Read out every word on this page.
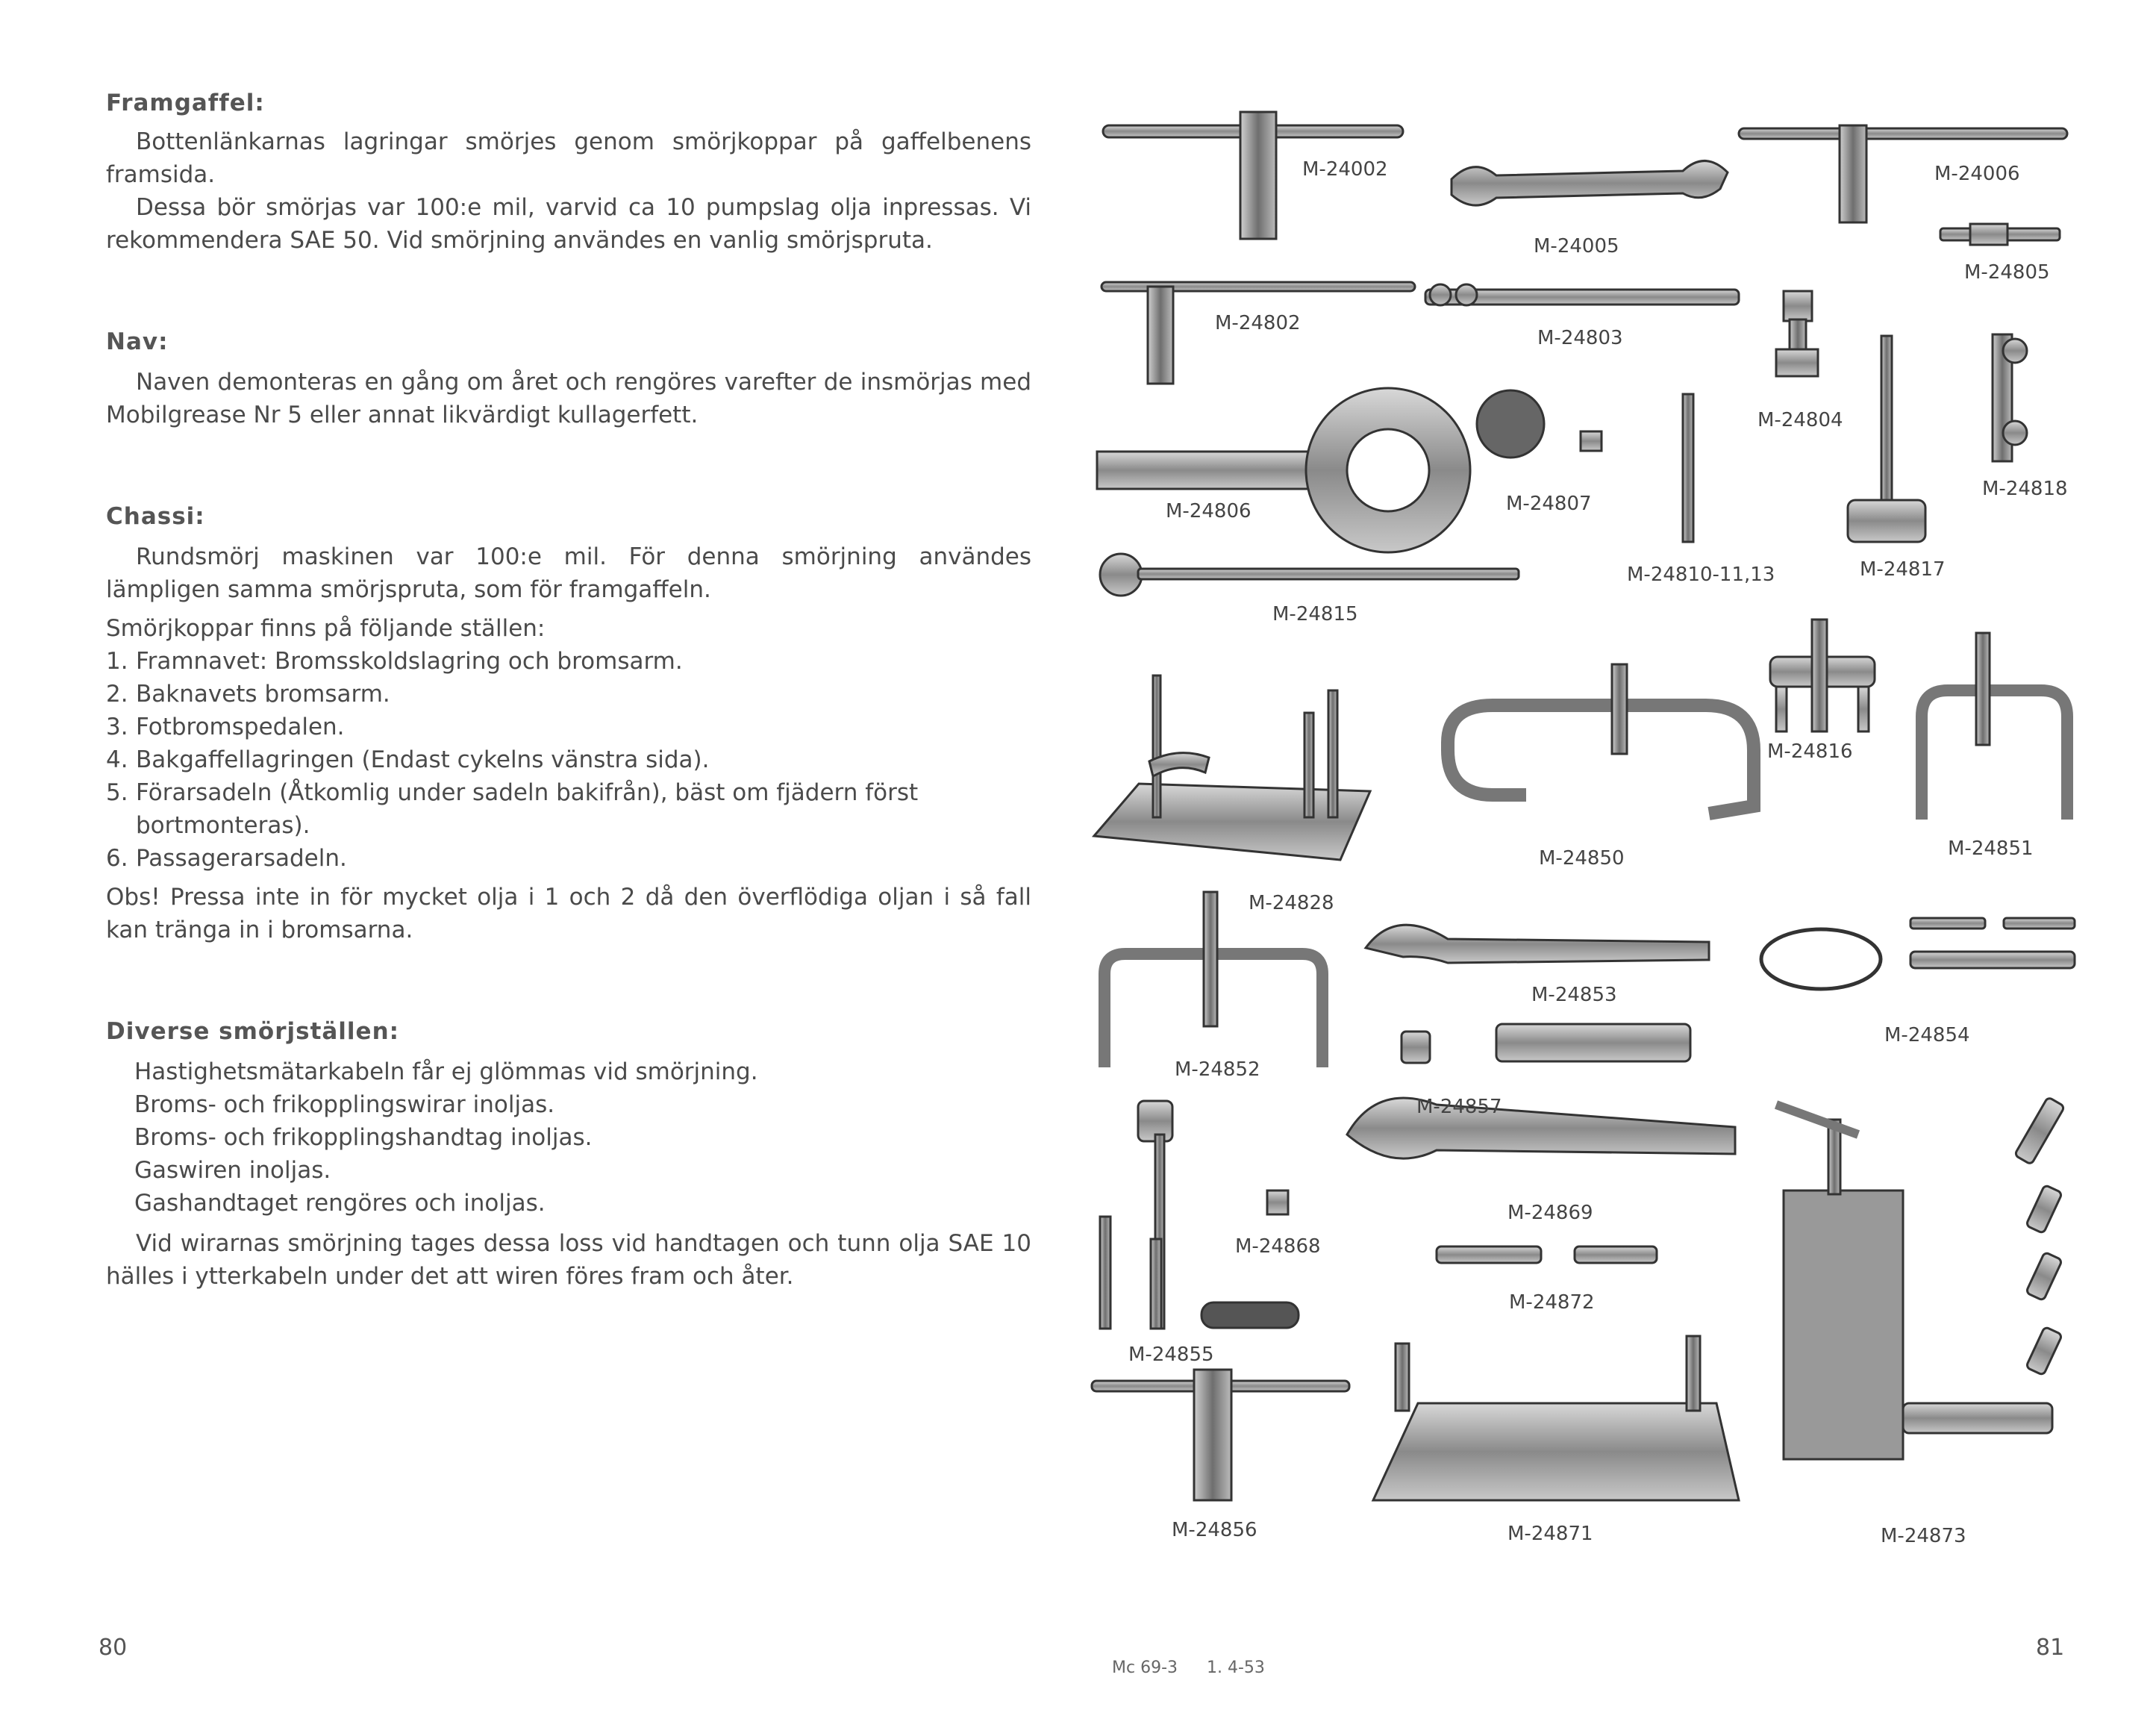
Framgaffel:

Bottenlänkarnas lagringar smörjes genom smörjkoppar på gaffelbenens framsida.

Dessa bör smörjas var 100:e mil, varvid ca 10 pumpslag olja inpressas. Vi rekommendera SAE 50. Vid smörjning användes en vanlig smörjspruta.

Nav:

Naven demonteras en gång om året och rengöres varefter de insmörjas med Mobilgrease Nr 5 eller annat likvärdigt kullagerfett.

Chassi:

Rundsmörj maskinen var 100:e mil. För denna smörjning användes lämpligen samma smörjspruta, som för framgaffeln.

Smörjkoppar finns på följande ställen:

1. Framnavet: Bromsskoldslagring och bromsarm.
2. Baknavets bromsarm.
3. Fotbromspedalen.
4. Bakgaffellagringen (Endast cykelns vänstra sida).
5. Förarsadeln (Åtkomlig under sadeln bakifrån), bäst om fjädern först bortmonteras).
6. Passagerarsadeln.

Obs! Pressa inte in för mycket olja i 1 och 2 då den överflödiga oljan i så fall kan tränga in i bromsarna.

Diverse smörjställen:
Hastighetsmätarkabeln får ej glömmas vid smörjning.
Broms- och frikopplingswirar inoljas.
Broms- och frikopplingshandtag inoljas.
Gaswiren inoljas.
Gashandtaget rengöres och inoljas.

Vid wirarnas smörjning tages dessa loss vid handtagen och tunn olja SAE 10 hälles i ytterkabeln under det att wiren föres fram och åter.

80	81
Mc 69-3 1. 4-53
M-24002
M-24005
M-24006
M-24805
M-24802
M-24803
M-24804
M-24818
M-24806	M-24807
M-24810-11,13	M-24817
M-24815
M-24816
M-24850	M-24851
M-24828
M-24853
M-24854
M-24852
M-24857
M-24869
M-24868
M-24872
M-24855
M-24856	M-24871	M-24873
